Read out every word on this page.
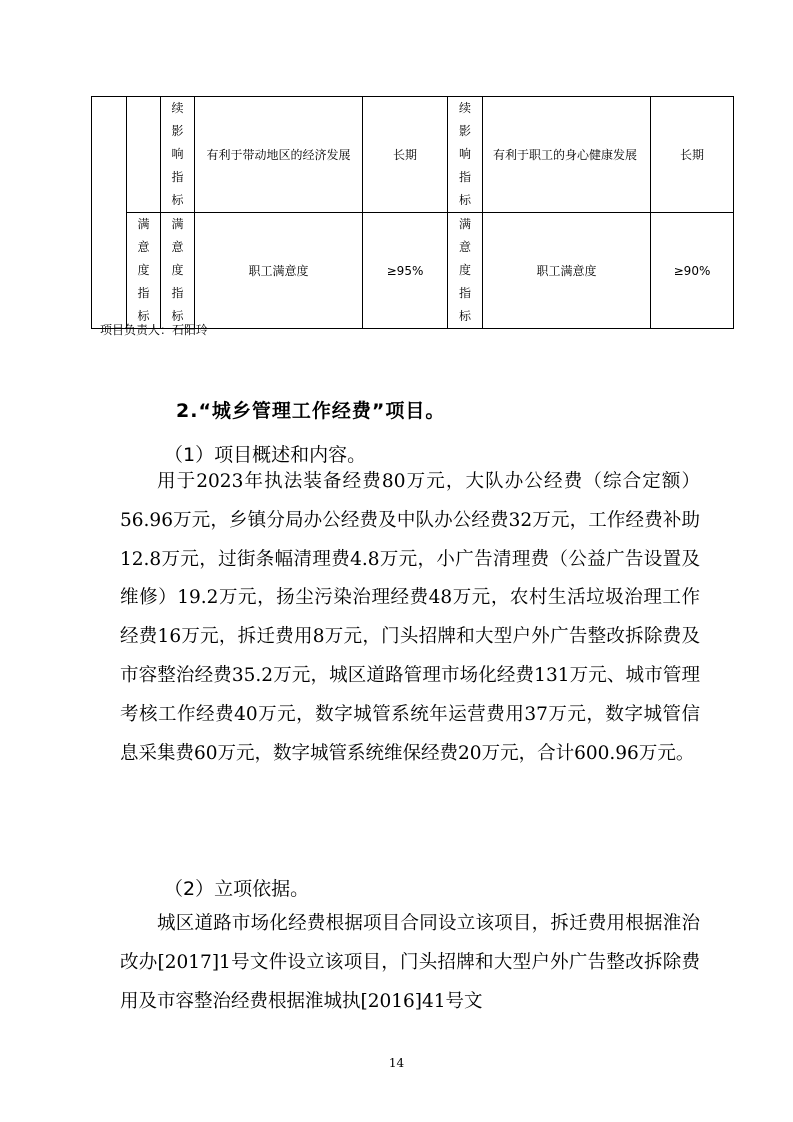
		续影响指标	有利于带动地区的经济发展	长期	续影响指标	有利于职工的身心健康发展	长期

	满意度指标	满意度指标	职工满意度	≥95%	满意度指标	职工满意度	≥90%
项目负责人：石阳玲
2.“城乡管理工作经费”项目。
（1）项目概述和内容。

用于2023年执法装备经费80万元，大队办公经费（综合定额）56.96万元，乡镇分局办公经费及中队办公经费32万元，工作经费补助12.8万元，过街条幅清理费4.8万元，小广告清理费（公益广告设置及维修）19.2万元，扬尘污染治理经费48万元，农村生活垃圾治理工作经费16万元，拆迁费用8万元，门头招牌和大型户外广告整改拆除费及市容整治经费35.2万元，城区道路管理市场化经费131万元、城市管理考核工作经费40万元，数字城管系统年运营费用37万元，数字城管信息采集费60万元，数字城管系统维保经费20万元，合计600.96万元。

（2）立项依据。

城区道路市场化经费根据项目合同设立该项目，拆迁费用根据淮治改办[2017]1号文件设立该项目，门头招牌和大型户外广告整改拆除费用及市容整治经费根据淮城执[2016]41号文

14
